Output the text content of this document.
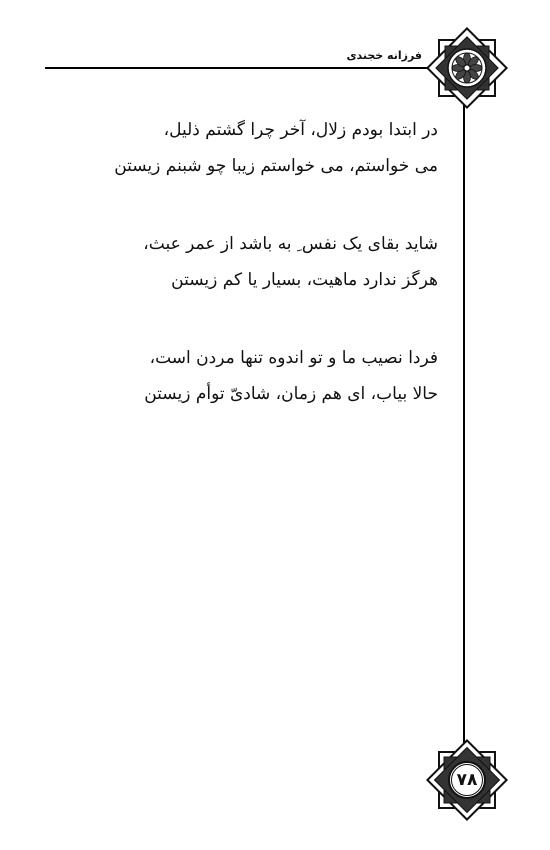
فرزانه خجندی
در ابتدا بودم زلال، آخر چرا گشتم ذلیل،
می خواستم، می خواستم زیبا چو شبنم زیستن
شاید بقای یک نفس ِ به باشد از عمر عبث،
هرگز ندارد ماهیت، بسیار یا کم زیستن
فردا نصیب ما و تو اندوه تنها مردن است،
حالا بیاب، ای هم زمان، شادیّ توأم زیستن
۷۸
